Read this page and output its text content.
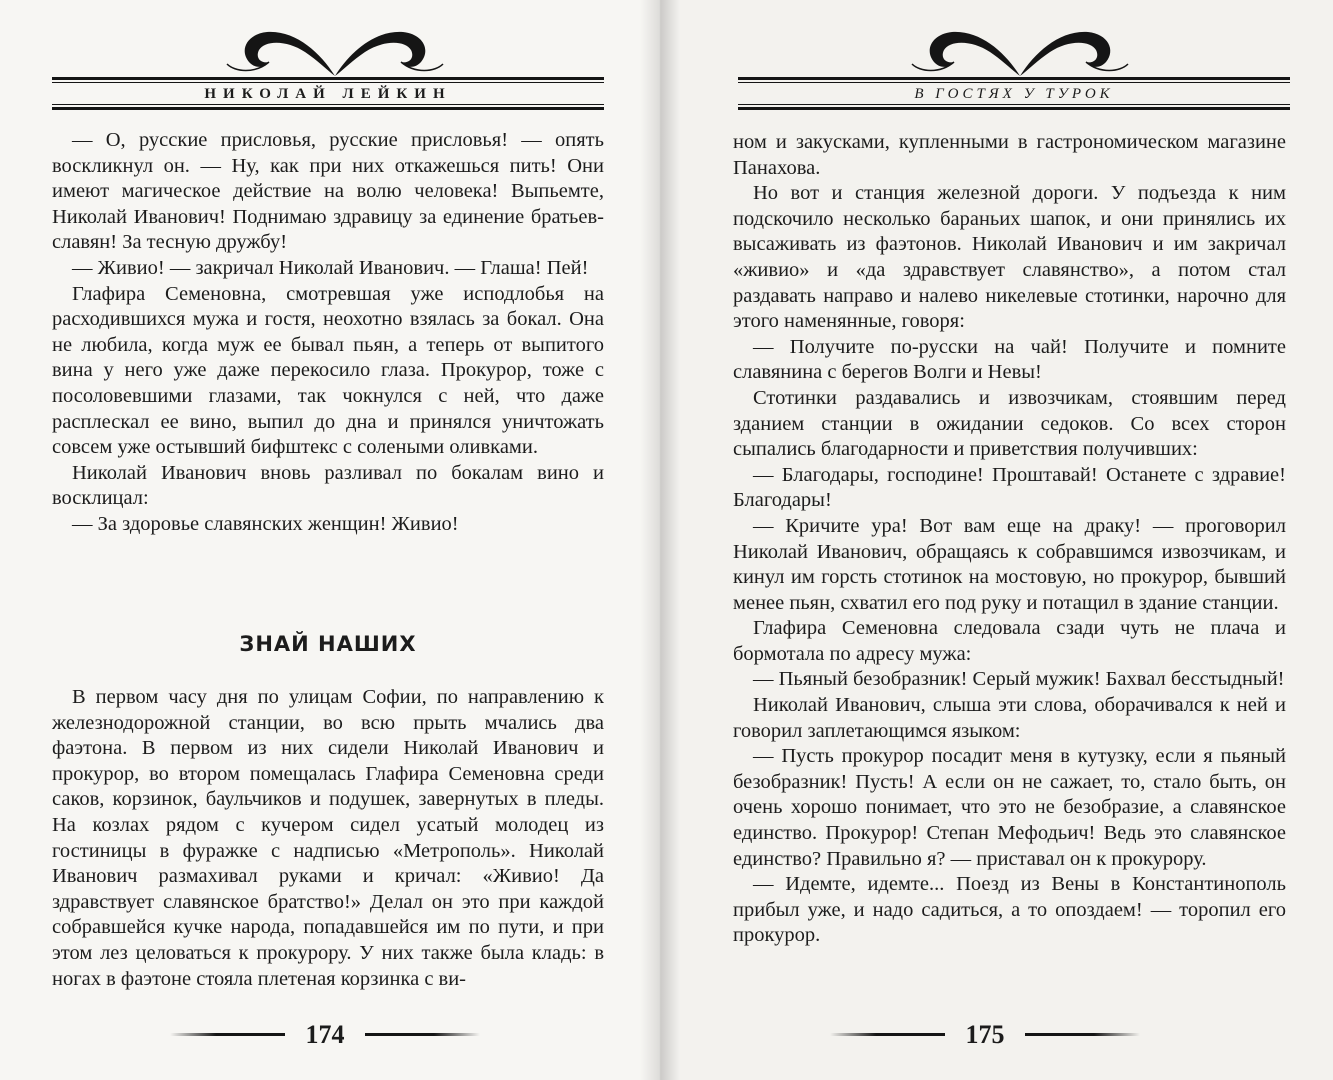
НИКОЛАЙ ЛЕЙКИН

— О, русские присловья, русские присловья! — опять воскликнул он. — Ну, как при них откажешься пить! Они имеют магическое действие на волю человека! Выпьемте, Николай Иванович! Поднимаю здравицу за единение братьев-славян! За тесную дружбу!

— Живио! — закричал Николай Иванович. — Глаша! Пей!

Глафира Семеновна, смотревшая уже исподлобья на расходившихся мужа и гостя, неохотно взялась за бокал. Она не любила, когда муж ее бывал пьян, а теперь от выпитого вина у него уже даже перекосило глаза. Прокурор, тоже с посоловевшими глазами, так чокнулся с ней, что даже расплескал ее вино, выпил до дна и принялся уничтожать совсем уже остывший бифштекс с солеными оливками.

Николай Иванович вновь разливал по бокалам вино и восклицал:

— За здоровье славянских женщин! Живио!

ЗНАЙ НАШИХ

В первом часу дня по улицам Софии, по направлению к железнодорожной станции, во всю прыть мчались два фаэтона. В первом из них сидели Николай Иванович и прокурор, во втором помещалась Глафира Семеновна среди саков, корзинок, баульчиков и подушек, завернутых в пледы. На козлах рядом с кучером сидел усатый молодец из гостиницы в фуражке с надписью «Метрополь». Николай Иванович размахивал руками и кричал: «Живио! Да здравствует славянское братство!» Делал он это при каждой собравшейся кучке народа, попадавшейся им по пути, и при этом лез целоваться к прокурору. У них также была кладь: в ногах в фаэтоне стояла плетеная корзинка с ви-

174
В ГОСТЯХ У ТУРОК

ном и закусками, купленными в гастрономическом магазине Панахова.

Но вот и станция железной дороги. У подъезда к ним подскочило несколько бараньих шапок, и они принялись их высаживать из фаэтонов. Николай Иванович и им закричал «живио» и «да здравствует славянство», а потом стал раздавать направо и налево никелевые стотинки, нарочно для этого наменянные, говоря:

— Получите по-русски на чай! Получите и помните славянина с берегов Волги и Невы!

Стотинки раздавались и извозчикам, стоявшим перед зданием станции в ожидании седоков. Со всех сторон сыпались благодарности и приветствия получивших:

— Благодары, господине! Проштавай! Останете с здравие! Благодары!

— Кричите ура! Вот вам еще на драку! — проговорил Николай Иванович, обращаясь к собравшимся извозчикам, и кинул им горсть стотинок на мостовую, но прокурор, бывший менее пьян, схватил его под руку и потащил в здание станции.

Глафира Семеновна следовала сзади чуть не плача и бормотала по адресу мужа:

— Пьяный безобразник! Серый мужик! Бахвал бесстыдный!

Николай Иванович, слыша эти слова, оборачивался к ней и говорил заплетающимся языком:

— Пусть прокурор посадит меня в кутузку, если я пьяный безобразник! Пусть! А если он не сажает, то, стало быть, он очень хорошо понимает, что это не безобразие, а славянское единство. Прокурор! Степан Мефодьич! Ведь это славянское единство? Правильно я? — приставал он к прокурору.

— Идемте, идемте... Поезд из Вены в Константинополь прибыл уже, и надо садиться, а то опоздаем! — торопил его прокурор.

175
